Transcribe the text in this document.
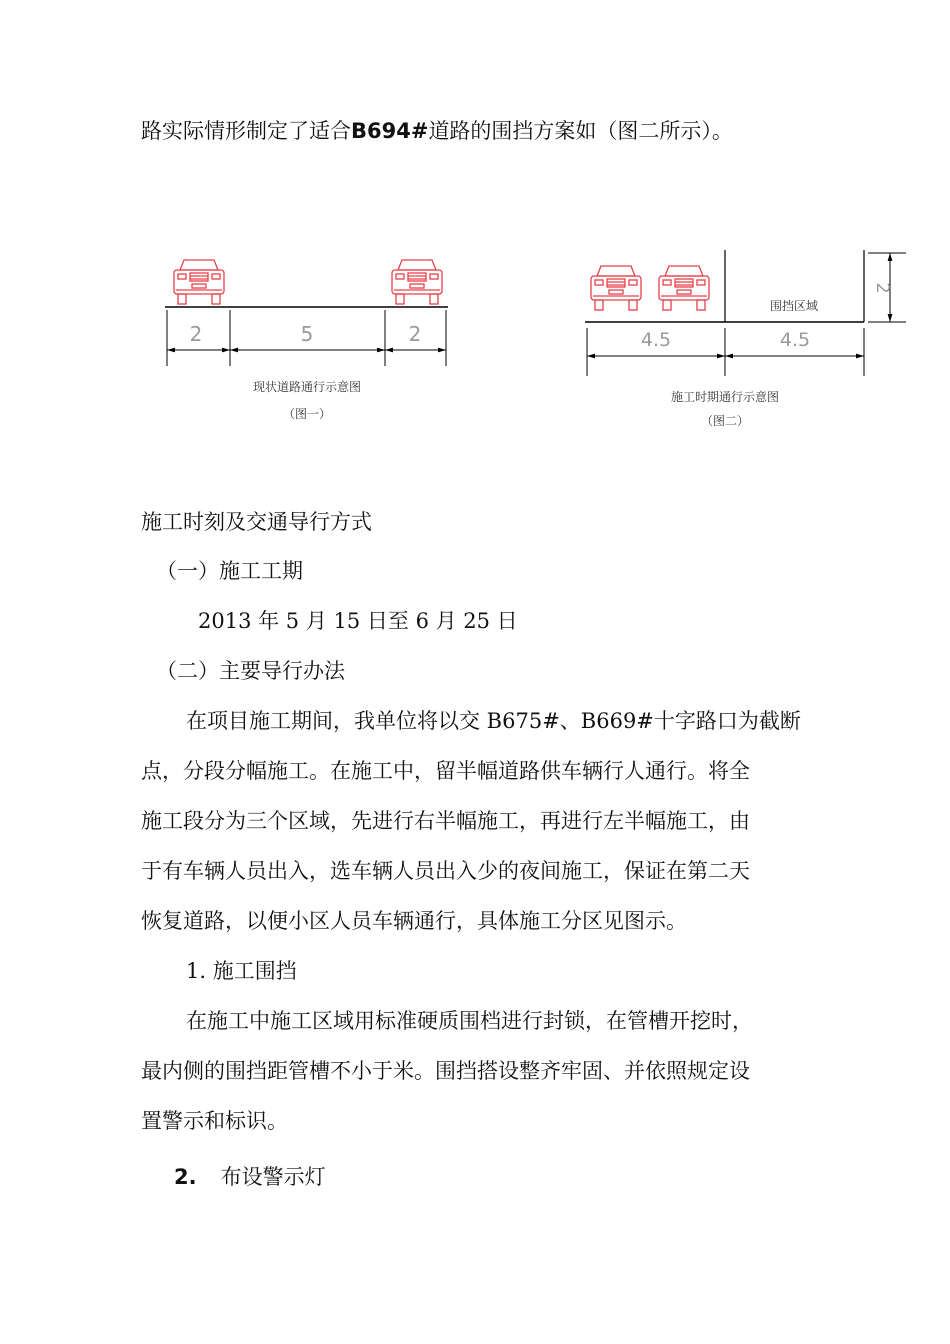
路实际情形制定了适合B694#道路的围挡方案如（图二所示）。
2	5	2
现状道路通行示意图
（图一）
2
围挡区域
4.5	4.5
施工时期通行示意图
（图二）
施工时刻及交通导行方式
（一）施工工期
2013 年 5 月 15 日至 6 月 25 日
（二）主要导行办法
在项目施工期间，我单位将以交 B675#、B669#十字路口为截断
点，分段分幅施工。在施工中，留半幅道路供车辆行人通行。将全
施工段分为三个区域，先进行右半幅施工，再进行左半幅施工，由
于有车辆人员出入，选车辆人员出入少的夜间施工，保证在第二天
恢复道路，以便小区人员车辆通行，具体施工分区见图示。
1. 施工围挡
在施工中施工区域用标准硬质围档进行封锁，在管槽开挖时，
最内侧的围挡距管槽不小于米。围挡搭设整齐牢固、并依照规定设
置警示和标识。
2. 布设警示灯
